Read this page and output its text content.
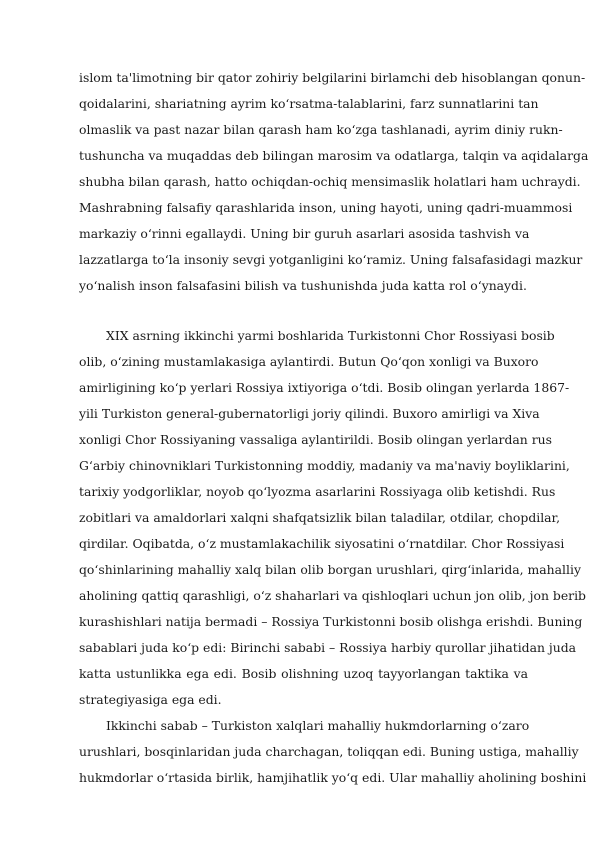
islom ta'limotning bir qator zohiriy belgilarini birlamchi deb hisoblangan qonun-
qoidalarini, shariatning ayrim ko‘rsatma-talablarini, farz sunnatlarini tan
olmaslik va past nazar bilan qarash ham ko‘zga tashlanadi, ayrim diniy rukn-
tushuncha va muqaddas deb bilingan marosim va odatlarga, talqin va aqidalarga
shubha bilan qarash, hatto ochiqdan-ochiq mensimaslik holatlari ham uchraydi.
Mashrabning falsafiy qarashlarida inson, uning hayoti, uning qadri-muammosi
markaziy o‘rinni egallaydi. Uning bir guruh asarlari asosida tashvish va
lazzatlarga to‘la insoniy sevgi yotganligini ko‘ramiz. Uning falsafasidagi mazkur
yo‘nalish inson falsafasini bilish va tushunishda juda katta rol o‘ynaydi.
XIX asrning ikkinchi yarmi boshlarida Turkistonni Chor Rossiyasi bosib
olib, o‘zining mustamlakasiga aylantirdi. Butun Qo‘qon xonligi va Buxoro
amirligining ko‘p yerlari Rossiya ixtiyoriga o‘tdi. Bosib olingan yerlarda 1867-
yili Turkiston general-gubernatorligi joriy qilindi. Buxoro amirligi va Xiva
xonligi Chor Rossiyaning vassaliga aylantirildi. Bosib olingan yerlardan rus
G‘arbiy chinovniklari Turkistonning moddiy, madaniy va ma'naviy boyliklarini,
tarixiy yodgorliklar, noyob qo‘lyozma asarlarini Rossiyaga olib ketishdi. Rus
zobitlari va amaldorlari xalqni shafqatsizlik bilan taladilar, otdilar, chopdilar,
qirdilar. Oqibatda, o‘z mustamlakachilik siyosatini o‘rnatdilar. Chor Rossiyasi
qo‘shinlarining mahalliy xalq bilan olib borgan urushlari, qirg‘inlarida, mahalliy
aholining qattiq qarashligi, o‘z shaharlari va qishloqlari uchun jon olib, jon berib
kurashishlari natija bermadi – Rossiya Turkistonni bosib olishga erishdi. Buning
sabablari juda ko‘p edi: Birinchi sababi – Rossiya harbiy qurollar jihatidan juda
katta ustunlikka ega edi. Bosib olishning uzoq tayyorlangan taktika va
strategiyasiga ega edi.
Ikkinchi sabab – Turkiston xalqlari mahalliy hukmdorlarning o‘zaro
urushlari, bosqinlaridan juda charchagan, toliqqan edi. Buning ustiga, mahalliy
hukmdorlar o‘rtasida birlik, hamjihatlik yo‘q edi. Ular mahalliy aholining boshini
